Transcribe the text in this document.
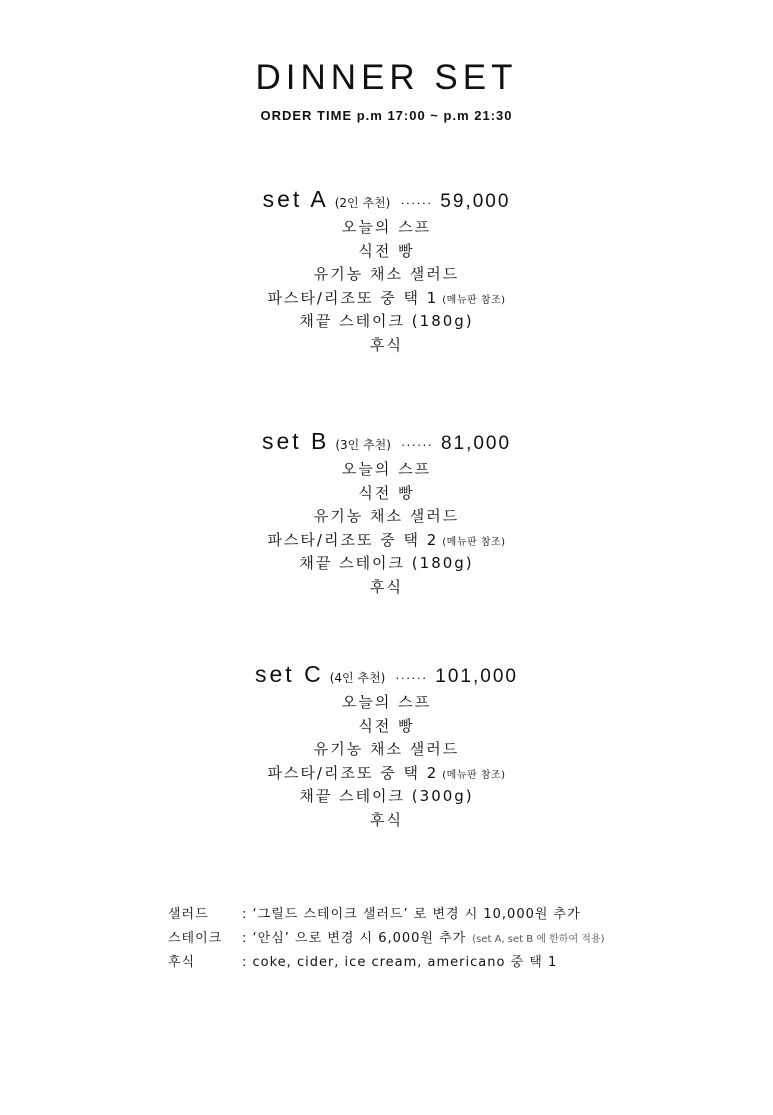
DINNER SET
ORDER TIME p.m 17:00 ~ p.m 21:30
set A (2인 추천) ······ 59,000
오늘의 스프
식전 빵
유기농 채소 샐러드
파스타/리조또 중 택 1 (메뉴판 참조)
채끝 스테이크 (180g)
후식
set B (3인 추천) ······ 81,000
오늘의 스프
식전 빵
유기농 채소 샐러드
파스타/리조또 중 택 2 (메뉴판 참조)
채끝 스테이크 (180g)
후식
set C (4인 추천) ······ 101,000
오늘의 스프
식전 빵
유기농 채소 샐러드
파스타/리조또 중 택 2 (메뉴판 참조)
채끝 스테이크 (300g)
후식
샐러드	: ‘그릴드 스테이크 샐러드’ 로 변경 시 10,000원 추가
스테이크	: ‘안심’ 으로 변경 시 6,000원 추가 (set A, set B 에 한하여 적용)
후식	: coke, cider, ice cream, americano 중 택 1
